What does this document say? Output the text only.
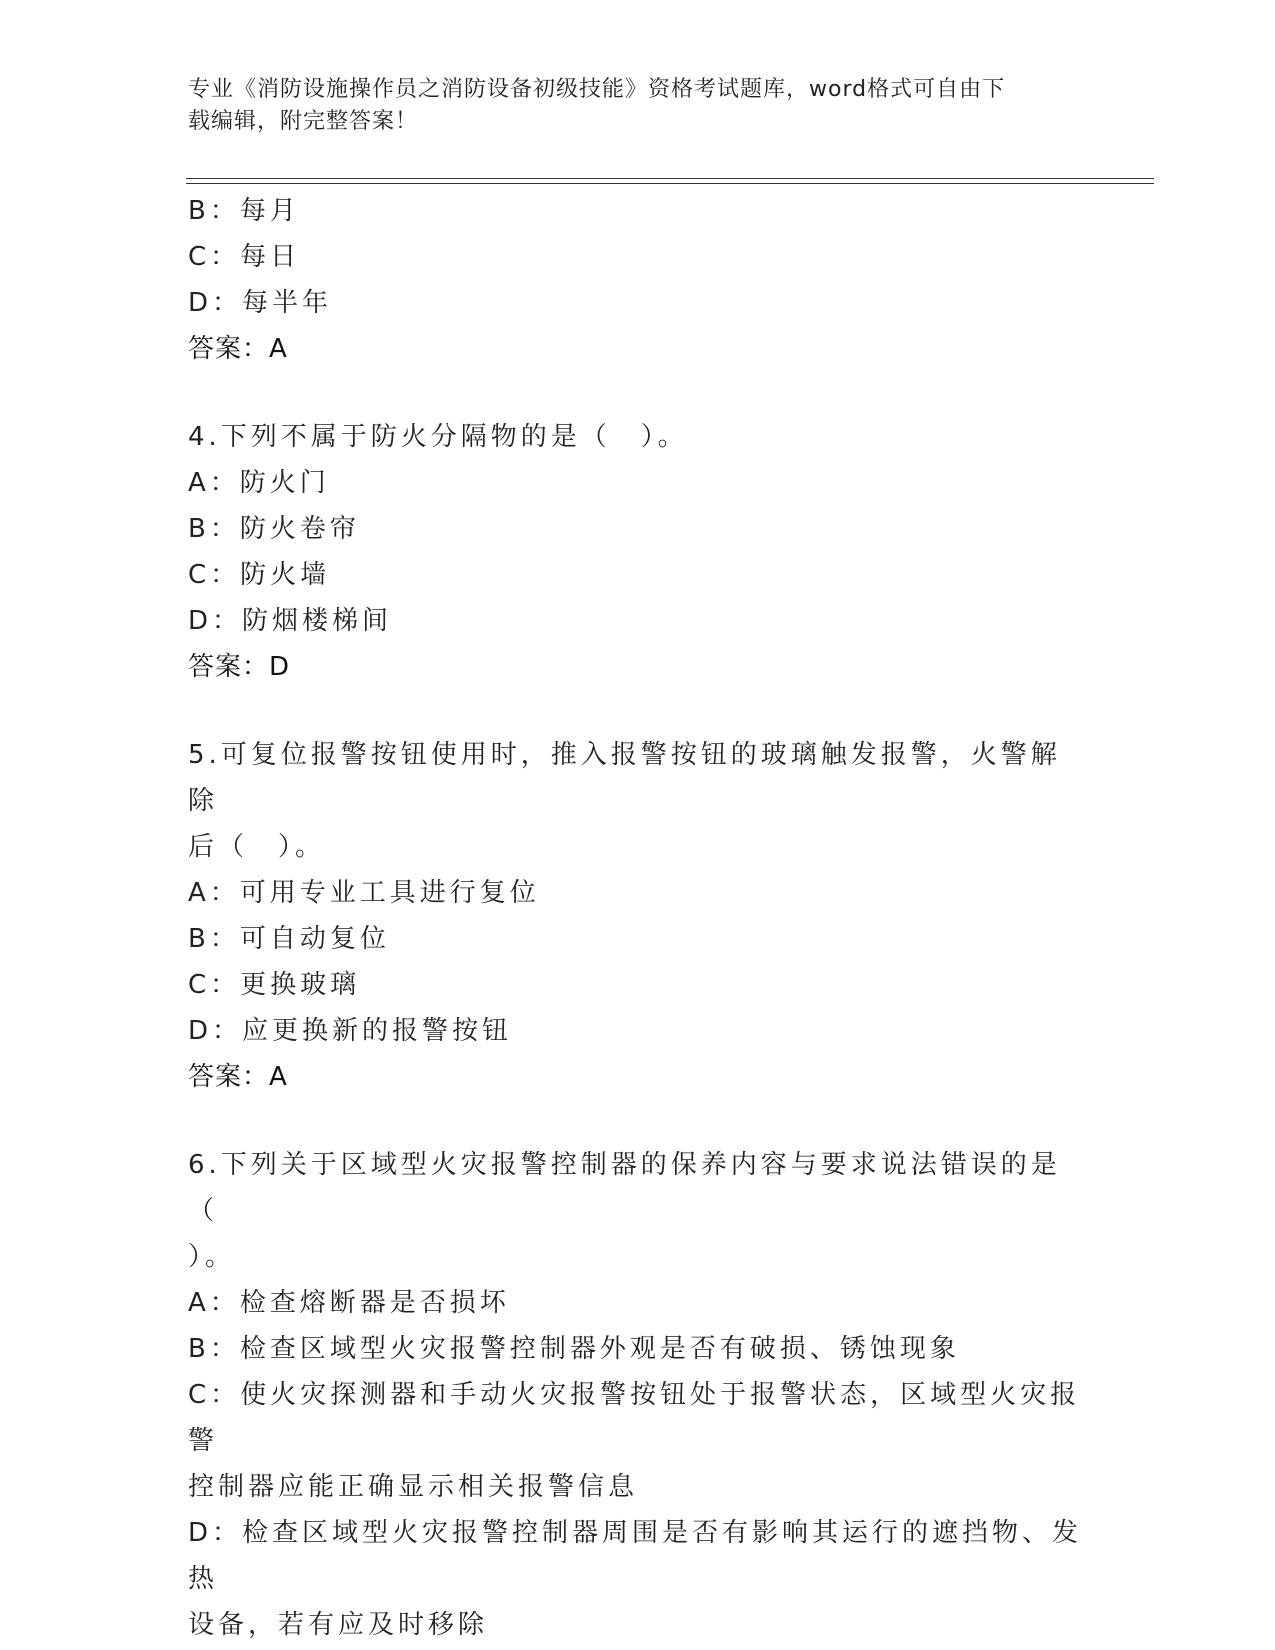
专业《消防设施操作员之消防设备初级技能》资格考试题库，word格式可自由下
载编辑，附完整答案！
B：每月
C：每日
D：每半年
答案：A
4.下列不属于防火分隔物的是（　）。
A：防火门
B：防火卷帘
C：防火墙
D：防烟楼梯间
答案：D
5.可复位报警按钮使用时，推入报警按钮的玻璃触发报警，火警解除
后（　）。
A：可用专业工具进行复位
B：可自动复位
C：更换玻璃
D：应更换新的报警按钮
答案：A
6.下列关于区域型火灾报警控制器的保养内容与要求说法错误的是（
）。
A：检查熔断器是否损坏
B：检查区域型火灾报警控制器外观是否有破损、锈蚀现象
C：使火灾探测器和手动火灾报警按钮处于报警状态，区域型火灾报警
控制器应能正确显示相关报警信息
D：检查区域型火灾报警控制器周围是否有影响其运行的遮挡物、发热
设备，若有应及时移除
